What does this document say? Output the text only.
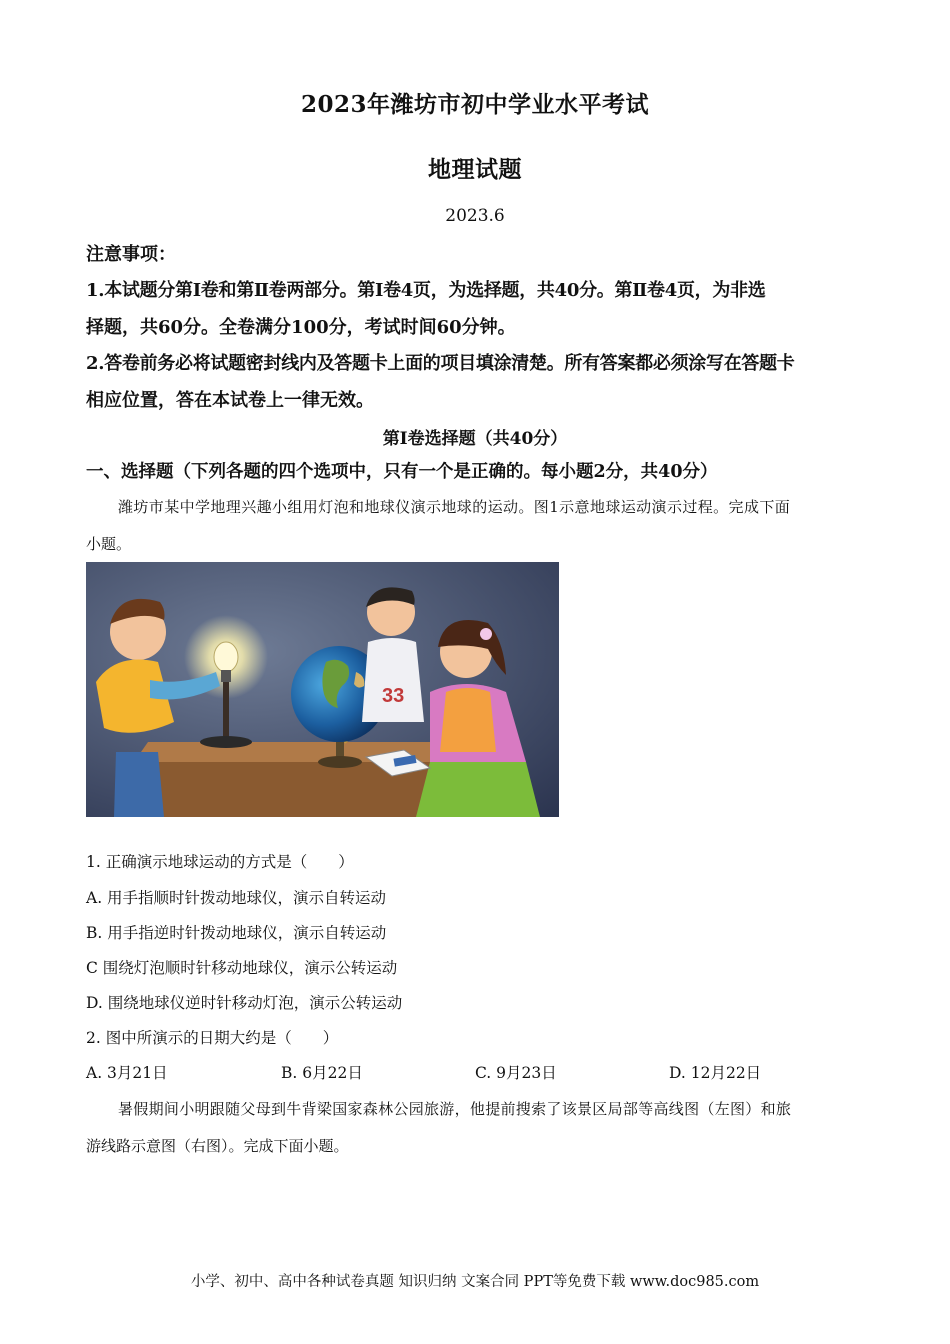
2023年潍坊市初中学业水平考试
地理试题
2023.6
注意事项：
1.本试题分第Ⅰ卷和第Ⅱ卷两部分。第Ⅰ卷4页，为选择题，共40分。第Ⅱ卷4页，为非选
择题，共60分。全卷满分100分，考试时间60分钟。
2.答卷前务必将试题密封线内及答题卡上面的项目填涂清楚。所有答案都必须涂写在答题卡
相应位置，答在本试卷上一律无效。
第Ⅰ卷选择题（共40分）
一、选择题（下列各题的四个选项中，只有一个是正确的。每小题2分，共40分）
潍坊市某中学地理兴趣小组用灯泡和地球仪演示地球的运动。图1示意地球运动演示过程。完成下面
小题。
33
1. 正确演示地球运动的方式是（　　）
A. 用手指顺时针拨动地球仪，演示自转运动
B. 用手指逆时针拨动地球仪，演示自转运动
C 围绕灯泡顺时针移动地球仪，演示公转运动
D. 围绕地球仪逆时针移动灯泡，演示公转运动
2. 图中所演示的日期大约是（　　）
A. 3月21日	B. 6月22日	C. 9月23日	D. 12月22日
暑假期间小明跟随父母到牛背梁国家森林公园旅游，他提前搜索了该景区局部等高线图（左图）和旅
游线路示意图（右图）。完成下面小题。
小学、初中、高中各种试卷真题 知识归纳 文案合同 PPT等免费下载 www.doc985.com
